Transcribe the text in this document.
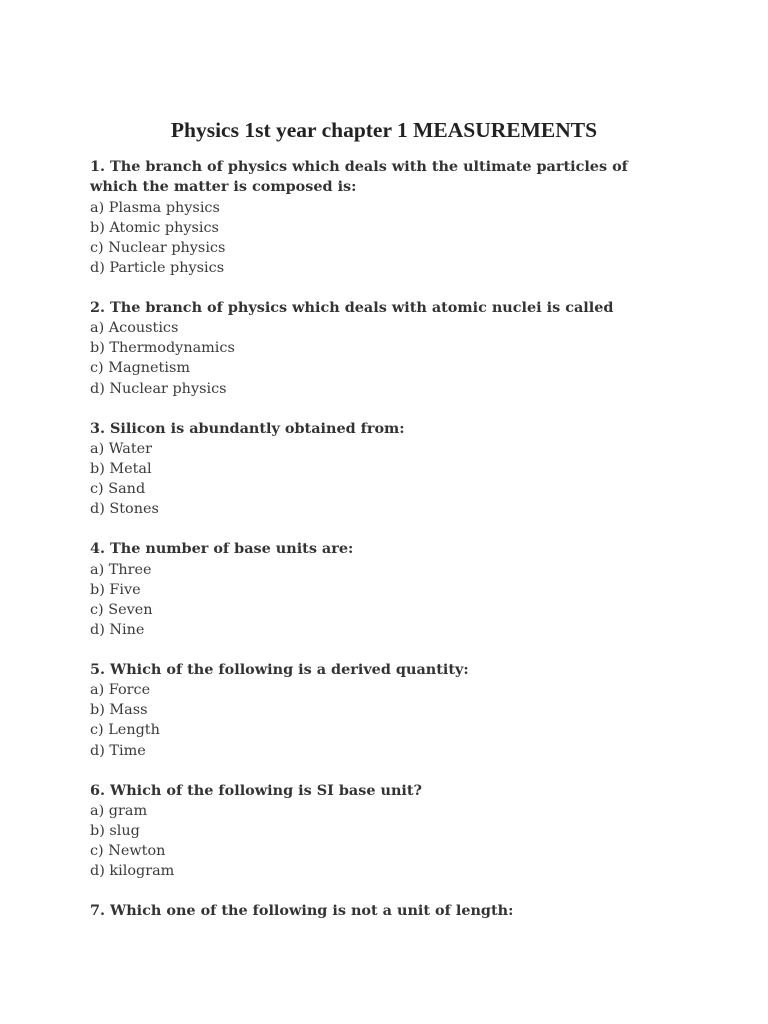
Physics 1st year chapter 1 MEASUREMENTS

1. The branch of physics which deals with the ultimate particles of which the matter is composed is:

a) Plasma physics

b) Atomic physics

c) Nuclear physics

d) Particle physics

2. The branch of physics which deals with atomic nuclei is called

a) Acoustics

b) Thermodynamics

c) Magnetism

d) Nuclear physics

3. Silicon is abundantly obtained from:

a) Water

b) Metal

c) Sand

d) Stones

4. The number of base units are:

a) Three

b) Five

c) Seven

d) Nine

5. Which of the following is a derived quantity:

a) Force

b) Mass

c) Length

d) Time

6. Which of the following is SI base unit?

a) gram

b) slug

c) Newton

d) kilogram

7. Which one of the following is not a unit of length:
